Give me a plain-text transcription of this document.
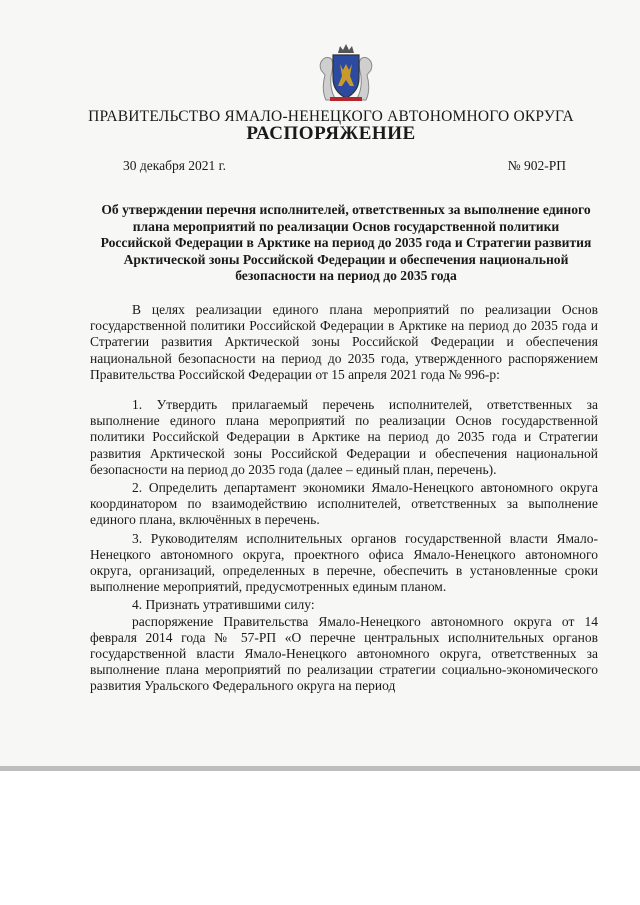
ПРАВИТЕЛЬСТВО ЯМАЛО-НЕНЕЦКОГО АВТОНОМНОГО ОКРУГА
РАСПОРЯЖЕНИЕ
30 декабря 2021 г.	№ 902-РП
Об утверждении перечня исполнителей, ответственных за выполнение единого плана мероприятий по реализации Основ государственной политики Российской Федерации в Арктике на период до 2035 года и Стратегии развития Арктической зоны Российской Федерации и обеспечения национальной безопасности на период до 2035 года

В целях реализации единого плана мероприятий по реализации Основ государственной политики Российской Федерации в Арктике на период до 2035 года и Стратегии развития Арктической зоны Российской Федерации и обеспечения национальной безопасности на период до 2035 года, утвержденного распоряжением Правительства Российской Федерации от 15 апреля 2021 года № 996-р:

1. Утвердить прилагаемый перечень исполнителей, ответственных за выполнение единого плана мероприятий по реализации Основ государственной политики Российской Федерации в Арктике на период до 2035 года и Стратегии развития Арктической зоны Российской Федерации и обеспечения национальной безопасности на период до 2035 года (далее – единый план, перечень).

2. Определить департамент экономики Ямало-Ненецкого автономного округа координатором по взаимодействию исполнителей, ответственных за выполнение единого плана, включённых в перечень.

3. Руководителям исполнительных органов государственной власти Ямало-Ненецкого автономного округа, проектного офиса Ямало-Ненецкого автономного округа, организаций, определенных в перечне, обеспечить в установленные сроки выполнение мероприятий, предусмотренных единым планом.

4. Признать утратившими силу:

распоряжение Правительства Ямало-Ненецкого автономного округа от 14 февраля 2014 года № 57-РП «О перечне центральных исполнительных органов государственной власти Ямало-Ненецкого автономного округа, ответственных за выполнение плана мероприятий по реализации стратегии социально-экономического развития Уральского Федерального округа на период
